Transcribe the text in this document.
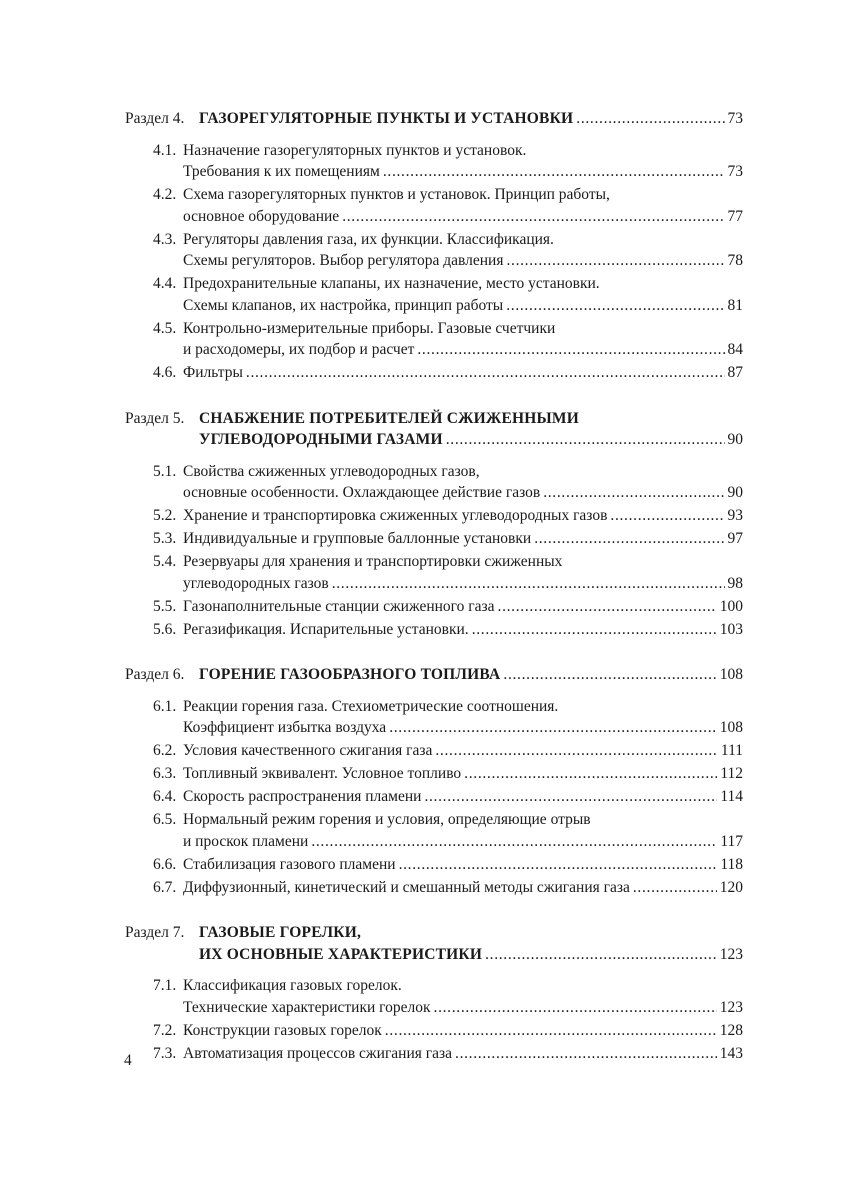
Раздел 4. ГАЗОРЕГУЛЯТОРНЫЕ ПУНКТЫ И УСТАНОВКИ . . .	73
4.1. Назначение газорегуляторных пунктов и установок.
Требования к их помещениям . . .	73
4.2. Схема газорегуляторных пунктов и установок. Принцип работы,
основное оборудование . . .	77
4.3. Регуляторы давления газа, их функции. Классификация.
Схемы регуляторов. Выбор регулятора давления . . .	78
4.4. Предохранительные клапаны, их назначение, место установки.
Схемы клапанов, их настройка, принцип работы . . .	81
4.5. Контрольно-измерительные приборы. Газовые счетчики
и расходомеры, их подбор и расчет . . .	84
4.6. Фильтры . . .	87
Раздел 5. СНАБЖЕНИЕ ПОТРЕБИТЕЛЕЙ СЖИЖЕННЫМИ
УГЛЕВОДОРОДНЫМИ ГАЗАМИ . . .	90
5.1. Свойства сжиженных углеводородных газов,
основные особенности. Охлаждающее действие газов . . .	90
5.2. Хранение и транспортировка сжиженных углеводородных газов . . .	93
5.3. Индивидуальные и групповые баллонные установки . . .	97
5.4. Резервуары для хранения и транспортировки сжиженных
углеводородных газов . . .	98
5.5. Газонаполнительные станции сжиженного газа . . .	100
5.6. Регазификация. Испарительные установки. . . .	103
Раздел 6. ГОРЕНИЕ ГАЗООБРАЗНОГО ТОПЛИВА . . .	108
6.1. Реакции горения газа. Стехиометрические соотношения.
Коэффициент избытка воздуха . . .	108
6.2. Условия качественного сжигания газа . . .	111
6.3. Топливный эквивалент. Условное топливо . . .	112
6.4. Скорость распространения пламени . . .	114
6.5. Нормальный режим горения и условия, определяющие отрыв
и проскок пламени . . .	117
6.6. Стабилизация газового пламени . . .	118
6.7. Диффузионный, кинетический и смешанный методы сжигания газа . . .	120
Раздел 7. ГАЗОВЫЕ ГОРЕЛКИ,
ИХ ОСНОВНЫЕ ХАРАКТЕРИСТИКИ . . .	123
7.1. Классификация газовых горелок.
Технические характеристики горелок . . .	123
7.2. Конструкции газовых горелок . . .	128
7.3. Автоматизация процессов сжигания газа . . .	143
4
